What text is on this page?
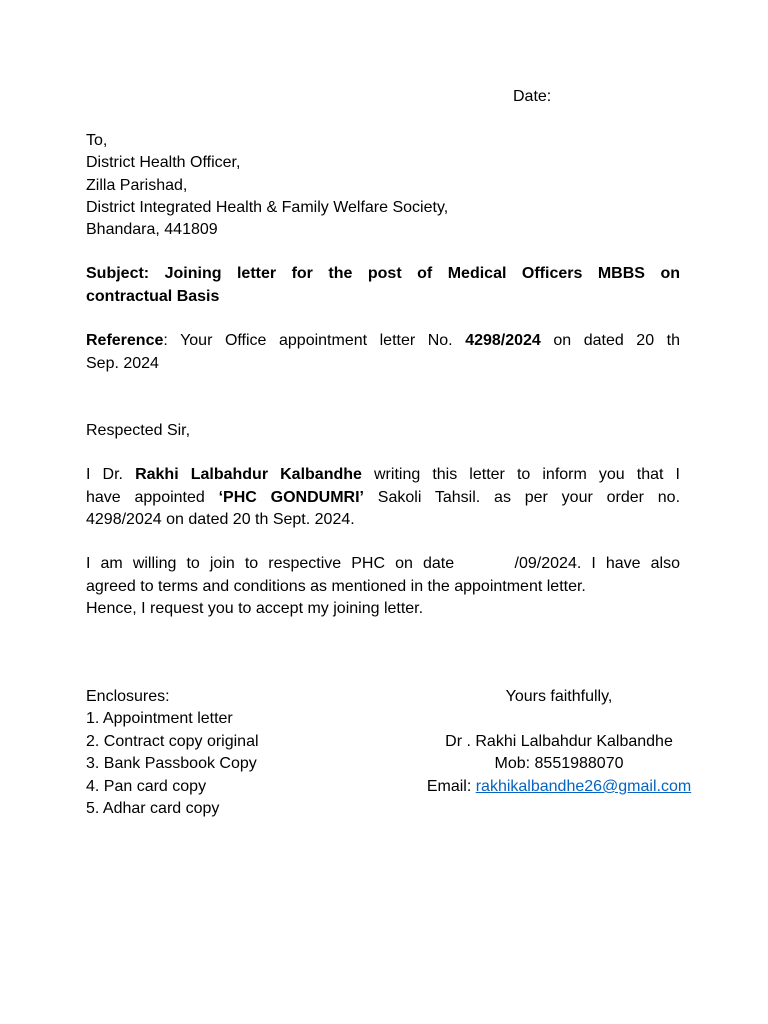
Date:
To,
District Health Officer,
Zilla Parishad,
District Integrated Health & Family Welfare Society,
Bhandara, 441809
Subject: Joining letter for the post of Medical Officers MBBS on
contractual Basis
Reference: Your Office appointment letter No. 4298/2024 on dated 20 th
Sep. 2024
Respected Sir,
I Dr. Rakhi Lalbahdur Kalbandhe writing this letter to inform you that I
have appointed ‘PHC GONDUMRI’ Sakoli Tahsil. as per your order no.
4298/2024 on dated 20 th Sept. 2024.
I am willing to join to respective PHC on date      /09/2024. I have also
agreed to terms and conditions as mentioned in the appointment letter.
Hence, I request you to accept my joining letter.
Enclosures:
1. Appointment letter
2. Contract copy original
3. Bank Passbook Copy
4. Pan card copy
5. Adhar card copy
Yours faithfully,
Dr . Rakhi Lalbahdur Kalbandhe
Mob: 8551988070
Email: rakhikalbandhe26@gmail.com
